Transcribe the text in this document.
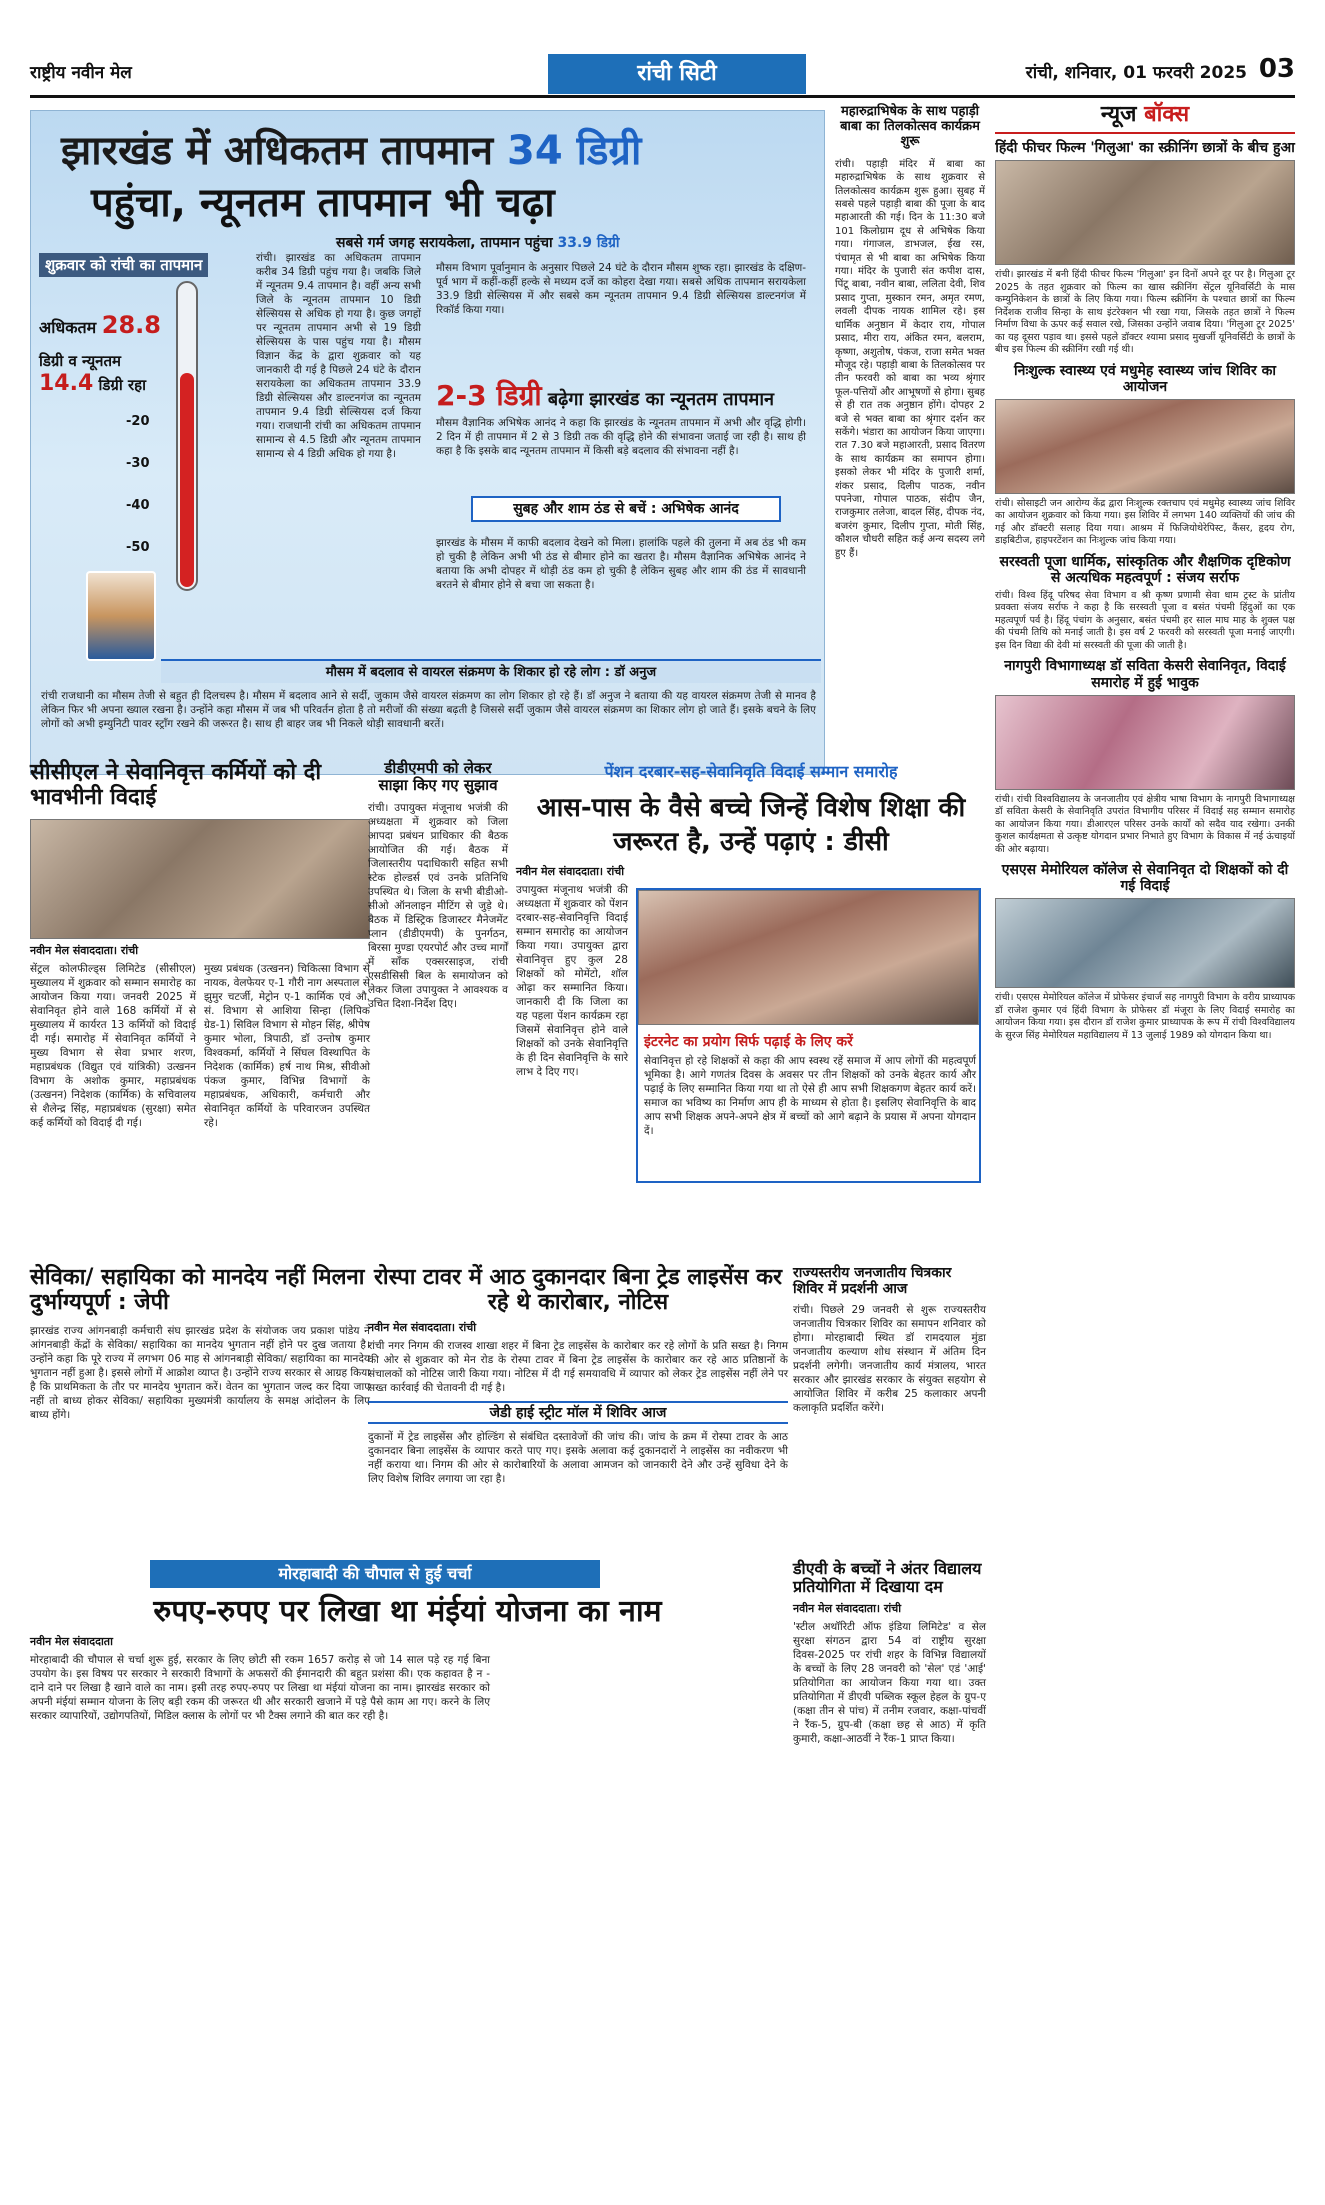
राष्ट्रीय नवीन मेल	रांची सिटी	रांची, शनिवार, 01 फरवरी 2025 03
झारखंड में अधिकतम तापमान 34 डिग्री
पहुंचा, न्यूनतम तापमान भी चढ़ा
सबसे गर्म जगह सरायकेला, तापमान पहुंचा 33.9 डिग्री
शुक्रवार को रांची का तापमान
अधिकतम 28.8
डिग्री व न्यूनतम
14.4 डिग्री रहा
-20
-30
-40
-50
रांची। झारखंड का अधिकतम तापमान करीब 34 डिग्री पहुंच गया है। जबकि जिले में न्यूनतम 9.4 तापमान है। वहीं अन्य सभी जिले के न्यूनतम तापमान 10 डिग्री सेल्सियस से अधिक हो गया है। कुछ जगहों पर न्यूनतम तापमान अभी से 19 डिग्री सेल्सियस के पास पहुंच गया है। मौसम विज्ञान केंद्र के द्वारा शुक्रवार को यह जानकारी दी गई है पिछले 24 घंटे के दौरान सरायकेला का अधिकतम तापमान 33.9 डिग्री सेल्सियस और डाल्टनगंज का न्यूनतम तापमान 9.4 डिग्री सेल्सियस दर्ज किया गया। राजधानी रांची का अधिकतम तापमान सामान्य से 4.5 डिग्री और न्यूनतम तापमान सामान्य से 4 डिग्री अधिक हो गया है।
मौसम विभाग पूर्वानुमान के अनुसार पिछले 24 घंटे के दौरान मौसम शुष्क रहा। झारखंड के दक्षिण-पूर्व भाग में कहीं-कहीं हल्के से मध्यम दर्जे का कोहरा देखा गया। सबसे अधिक तापमान सरायकेला 33.9 डिग्री सेल्सियस में और सबसे कम न्यूनतम तापमान 9.4 डिग्री सेल्सियस डाल्टनगंज में रिकॉर्ड किया गया।
2-3 डिग्री बढ़ेगा झारखंड का न्यूनतम तापमान
मौसम वैज्ञानिक अभिषेक आनंद ने कहा कि झारखंड के न्यूनतम तापमान में अभी और वृद्धि होगी। 2 दिन में ही तापमान में 2 से 3 डिग्री तक की वृद्धि होने की संभावना जताई जा रही है। साथ ही कहा है कि इसके बाद न्यूनतम तापमान में किसी बड़े बदलाव की संभावना नहीं है।
सुबह और शाम ठंड से बचें : अभिषेक आनंद
झारखंड के मौसम में काफी बदलाव देखने को मिला। हालांकि पहले की तुलना में अब ठंड भी कम हो चुकी है लेकिन अभी भी ठंड से बीमार होने का खतरा है। मौसम वैज्ञानिक अभिषेक आनंद ने बताया कि अभी दोपहर में थोड़ी ठंड कम हो चुकी है लेकिन सुबह और शाम की ठंड में सावधानी बरतने से बीमार होने से बचा जा सकता है।
मौसम में बदलाव से वायरल संक्रमण के शिकार हो रहे लोग : डॉ अनुज
रांची राजधानी का मौसम तेजी से बहुत ही दिलचस्प है। मौसम में बदलाव आने से सर्दी, जुकाम जैसे वायरल संक्रमण का लोग शिकार हो रहे हैं। डॉ अनुज ने बताया की यह वायरल संक्रमण तेजी से मानव है लेकिन फिर भी अपना ख्याल रखना है। उन्होंने कहा मौसम में जब भी परिवर्तन होता है तो मरीजों की संख्या बढ़ती है जिससे सर्दी जुकाम जैसे वायरल संक्रमण का शिकार लोग हो जाते हैं। इसके बचने के लिए लोगों को अभी इम्युनिटी पावर स्ट्रॉंग रखने की जरूरत है। साथ ही बाहर जब भी निकले थोड़ी सावधानी बरतें।
महारुद्राभिषेक के साथ पहाड़ी बाबा का तिलकोत्सव कार्यक्रम शुरू
रांची। पहाड़ी मंदिर में बाबा का महारुद्राभिषेक के साथ शुक्रवार से तिलकोत्सव कार्यक्रम शुरू हुआ। सुबह में सबसे पहले पहाड़ी बाबा की पूजा के बाद महाआरती की गई। दिन के 11:30 बजे 101 किलोग्राम दूध से अभिषेक किया गया। गंगाजल, डाभजल, ईख रस, पंचामृत से भी बाबा का अभिषेक किया गया। मंदिर के पुजारी संत कपीश दास, पिंटू बाबा, नवीन बाबा, ललिता देवी, शिव प्रसाद गुप्ता, मुस्कान रमन, अमृत रमण, लवली दीपक नायक शामिल रहे। इस धार्मिक अनुष्ठान में केदार राय, गोपाल प्रसाद, मीरा राय, अंकित रमन, बलराम, कृष्णा, अशुतोष, पंकज, राजा समेत भक्त मौजूद रहे। पहाड़ी बाबा के तिलकोत्सव पर तीन फरवरी को बाबा का भव्य श्रृंगार फूल-पत्तियों और आभूषणों से होगा। सुबह से ही रात तक अनुष्ठान होंगे। दोपहर 2 बजे से भक्त बाबा का श्रृंगार दर्शन कर सकेंगे। भंडारा का आयोजन किया जाएगा। रात 7.30 बजे महाआरती, प्रसाद वितरण के साथ कार्यक्रम का समापन होगा। इसको लेकर भी मंदिर के पुजारी शर्मा, शंकर प्रसाद, दिलीप पाठक, नवीन पपनेजा, गोपाल पाठक, संदीप जैन, राजकुमार तलेजा, बादल सिंह, दीपक नंद, बजरंग कुमार, दिलीप गुप्ता, मोती सिंह, कौशल चौधरी सहित कई अन्य सदस्य लगे हुए हैं।
न्यूज बॉक्स
हिंदी फीचर फिल्म 'गिलुआ' का स्क्रीनिंग छात्रों के बीच हुआ
रांची। झारखंड में बनी हिंदी फीचर फिल्म 'गिलुआ' इन दिनों अपने दूर पर है। गिलुआ टूर 2025 के तहत शुक्रवार को फिल्म का खास स्क्रीनिंग सेंट्रल यूनिवर्सिटी के मास कम्युनिकेशन के छात्रों के लिए किया गया। फिल्म स्क्रीनिंग के पश्चात छात्रों का फिल्म निर्देशक राजीव सिन्हा के साथ इंटरेक्शन भी रखा गया, जिसके तहत छात्रों ने फिल्म निर्माण विधा के ऊपर कई सवाल रखे, जिसका उन्होंने जवाब दिया। 'गिलुआ टूर 2025' का यह दूसरा पड़ाव था। इससे पहले डॉक्टर श्यामा प्रसाद मुखर्जी यूनिवर्सिटी के छात्रों के बीच इस फिल्म की स्क्रीनिंग रखी गई थी।
निःशुल्क स्वास्थ्य एवं मधुमेह स्वास्थ्य जांच शिविर का आयोजन
रांची। सोसाइटी जन आरोग्य केंद्र द्वारा निःशुल्क रक्तचाप एवं मधुमेह स्वास्थ्य जांच शिविर का आयोजन शुक्रवार को किया गया। इस शिविर में लगभग 140 व्यक्तियों की जांच की गई और डॉक्टरी सलाह दिया गया। आश्रम में फिजियोथेरेपिस्ट, कैंसर, हृदय रोग, डाइबिटीज, हाइपरटेंशन का निःशुल्क जांच किया गया।
सरस्वती पूजा धार्मिक, सांस्कृतिक और शैक्षणिक दृष्टिकोण से अत्यधिक महत्वपूर्ण : संजय सर्राफ
रांची। विश्व हिंदू परिषद सेवा विभाग व श्री कृष्ण प्रणामी सेवा धाम ट्रस्ट के प्रांतीय प्रवक्ता संजय सर्राफ ने कहा है कि सरस्वती पूजा व बसंत पंचमी हिंदुओं का एक महत्वपूर्ण पर्व है। हिंदू पंचांग के अनुसार, बसंत पंचमी हर साल माघ माह के शुक्ल पक्ष की पंचमी तिथि को मनाई जाती है। इस वर्ष 2 फरवरी को सरस्वती पूजा मनाई जाएगी। इस दिन विद्या की देवी मां सरस्वती की पूजा की जाती है।
नागपुरी विभागाध्यक्ष डॉ सविता केसरी सेवानिवृत, विदाई समारोह में हुई भावुक
रांची। रांची विश्वविद्यालय के जनजातीय एवं क्षेत्रीय भाषा विभाग के नागपुरी विभागाध्यक्ष डॉ सविता केसरी के सेवानिवृति उपरांत विभागीय परिसर में विदाई सह सम्मान समारोह का आयोजन किया गया। डीआरएल परिसर उनके कार्यों को सदैव याद रखेगा। उनकी कुशल कार्यक्षमता से उत्कृष्ट योगदान प्रभार निभाते हुए विभाग के विकास में नई ऊंचाइयों की ओर बढ़ाया।
एसएस मेमोरियल कॉलेज से सेवानिवृत दो शिक्षकों को दी गई विदाई
रांची। एसएस मेमोरियल कॉलेज में प्रोफेसर इंचार्ज सह नागपुरी विभाग के वरीय प्राध्यापक डॉ राजेश कुमार एवं हिंदी विभाग के प्रोफेसर डॉ मंजूरा के लिए विदाई समारोह का आयोजन किया गया। इस दौरान डॉ राजेश कुमार प्राध्यापक के रूप में रांची विश्वविद्यालय के सुरज सिंह मेमोरियल महाविद्यालय में 13 जुलाई 1989 को योगदान किया था।
सीसीएल ने सेवानिवृत्त कर्मियों को दी भावभीनी विदाई
नवीन मेल संवाददाता। रांची
सेंट्रल कोलफील्ड्स लिमिटेड (सीसीएल) मुख्यालय में शुक्रवार को सम्मान समारोह का आयोजन किया गया। जनवरी 2025 में सेवानिवृत होने वाले 168 कर्मियों में से मुख्यालय में कार्यरत 13 कर्मियों को विदाई दी गई। समारोह में सेवानिवृत कर्मियों ने मुख्य विभाग से सेवा प्रभार शरण, महाप्रबंधक (विद्युत एवं यांत्रिकी) उत्खनन विभाग के अशोक कुमार, महाप्रबंधक (उत्खनन) निदेशक (कार्मिक) के सचिवालय से शैलेन्द्र सिंह, महाप्रबंधक (सुरक्षा) समेत कई कर्मियों को विदाई दी गई।
मुख्य प्रबंधक (उत्खनन) चिकित्सा विभाग से नायक, वेलफेयर ए-1 गौरी नाग अस्पताल से झुमुर चटर्जी, मेट्रोन ए-1 कार्मिक एवं औ. सं. विभाग से आशिया सिन्हा (लिपिक ग्रेड-1) सिविल विभाग से मोहन सिंह, श्रीपेष कुमार भोला, त्रिपाठी, डॉ उन्तोष कुमार विश्वकर्मा, कर्मियों ने सिंघल विस्थापित के निदेशक (कार्मिक) हर्ष नाथ मिश्र, सीवीओ पंकज कुमार, विभिन्न विभागों के महाप्रबंधक, अधिकारी, कर्मचारी और सेवानिवृत कर्मियों के परिवारजन उपस्थित रहे।
डीडीएमपी को लेकर साझा किए गए सुझाव
रांची। उपायुक्त मंजूनाथ भजंत्री की अध्यक्षता में शुक्रवार को जिला आपदा प्रबंधन प्राधिकार की बैठक आयोजित की गई। बैठक में जिलास्तरीय पदाधिकारी सहित सभी स्टेक होल्डर्स एवं उनके प्रतिनिधि उपस्थित थे। जिला के सभी बीडीओ-सीओ ऑनलाइन मीटिंग से जुड़े थे। बैठक में डिस्ट्रिक डिजास्टर मैनेजमेंट प्लान (डीडीएमपी) के पुनर्गठन, बिरसा मुण्डा एयरपोर्ट और उच्च मार्गों में साँक एक्सरसाइज, रांची एसडीसिसी बिल के समायोजन को लेकर जिला उपायुक्त ने आवश्यक व उचित दिशा-निर्देश दिए।
पेंशन दरबार-सह-सेवानिवृति विदाई सम्मान समारोह
आस-पास के वैसे बच्चे जिन्हें विशेष शिक्षा की जरूरत है, उन्हें पढ़ाएं : डीसी
नवीन मेल संवाददाता। रांची
उपायुक्त मंजूनाथ भजंत्री की अध्यक्षता में शुक्रवार को पेंशन दरबार-सह-सेवानिवृत्ति विदाई सम्मान समारोह का आयोजन किया गया। उपायुक्त द्वारा सेवानिवृत्त हुए कुल 28 शिक्षकों को मोमेंटो, शॉल ओढ़ा कर सम्मानित किया। जानकारी दी कि जिला का यह पहला पेंशन कार्यक्रम रहा जिसमें सेवानिवृत्त होने वाले शिक्षकों को उनके सेवानिवृत्ति के ही दिन सेवानिवृत्ति के सारे लाभ दे दिए गए।
इंटरनेट का प्रयोग सिर्फ पढ़ाई के लिए करें
सेवानिवृत्त हो रहे शिक्षकों से कहा की आप स्वस्थ रहें समाज में आप लोगों की महत्वपूर्ण भूमिका है। आगे गणतंत्र दिवस के अवसर पर तीन शिक्षकों को उनके बेहतर कार्य और पढ़ाई के लिए सम्मानित किया गया था तो ऐसे ही आप सभी शिक्षकगण बेहतर कार्य करें। समाज का भविष्य का निर्माण आप ही के माध्यम से होता है। इसलिए सेवानिवृत्ति के बाद आप सभी शिक्षक अपने-अपने क्षेत्र में बच्चों को आगे बढ़ाने के प्रयास में अपना योगदान दें।
सेविका/ सहायिका को मानदेय नहीं मिलना दुर्भाग्यपूर्ण : जेपी
झारखंड राज्य आंगनबाड़ी कर्मचारी संघ झारखंड प्रदेश के संयोजक जय प्रकाश पांडेय ने आंगनबाड़ी केंद्रों के सेविका/ सहायिका का मानदेय भुगतान नहीं होने पर दुख जताया है। उन्होंने कहा कि पूरे राज्य में लगभग 06 माह से आंगनबाड़ी सेविका/ सहायिका का मानदेय भुगतान नहीं हुआ है। इससे लोगों में आक्रोश व्याप्त है। उन्होंने राज्य सरकार से आग्रह किया है कि प्राथमिकता के तौर पर मानदेय भुगतान करें। वेतन का भुगतान जल्द कर दिया जाए नहीं तो बाध्य होकर सेविका/ सहायिका मुख्यमंत्री कार्यालय के समक्ष आंदोलन के लिए बाध्य होंगे।
रोस्पा टावर में आठ दुकानदार बिना ट्रेड लाइसेंस कर रहे थे कारोबार, नोटिस
नवीन मेल संवाददाता। रांची
रांची नगर निगम की राजस्व शाखा शहर में बिना ट्रेड लाइसेंस के कारोबार कर रहे लोगों के प्रति सख्त है। निगम की ओर से शुक्रवार को मेन रोड के रोस्पा टावर में बिना ट्रेड लाइसेंस के कारोबार कर रहे आठ प्रतिष्ठानों के संचालकों को नोटिस जारी किया गया। नोटिस में दी गई समयावधि में व्यापार को लेकर ट्रेड लाइसेंस नहीं लेने पर सख्त कार्रवाई की चेतावनी दी गई है।
जेडी हाई स्ट्रीट मॉल में शिविर आज
दुकानों में ट्रेड लाइसेंस और होल्डिंग से संबंधित दस्तावेजों की जांच की। जांच के क्रम में रोस्पा टावर के आठ दुकानदार बिना लाइसेंस के व्यापार करते पाए गए। इसके अलावा कई दुकानदारों ने लाइसेंस का नवीकरण भी नहीं कराया था। निगम की ओर से कारोबारियों के अलावा आमजन को जानकारी देने और उन्हें सुविधा देने के लिए विशेष शिविर लगाया जा रहा है।
राज्यस्तरीय जनजातीय चित्रकार शिविर में प्रदर्शनी आज
रांची। पिछले 29 जनवरी से शुरू राज्यस्तरीय जनजातीय चित्रकार शिविर का समापन शनिवार को होगा। मोरहाबादी स्थित डॉ रामदयाल मुंडा जनजातीय कल्याण शोध संस्थान में अंतिम दिन प्रदर्शनी लगेगी। जनजातीय कार्य मंत्रालय, भारत सरकार और झारखंड सरकार के संयुक्त सहयोग से आयोजित शिविर में करीब 25 कलाकार अपनी कलाकृति प्रदर्शित करेंगे।
मोरहाबादी की चौपाल से हुई चर्चा
रुपए-रुपए पर लिखा था मंईयां योजना का नाम
नवीन मेल संवाददाता
मोरहाबादी की चौपाल से चर्चा शुरू हुई, सरकार के लिए छोटी सी रकम 1657 करोड़ से जो 14 साल पड़े रह गई बिना उपयोग के। इस विषय पर सरकार ने सरकारी विभागों के अफसरों की ईमानदारी की बहुत प्रशंसा की। एक कहावत है न - दाने दाने पर लिखा है खाने वाले का नाम। इसी तरह रुपए-रुपए पर लिखा था मंईयां योजना का नाम। झारखंड सरकार को अपनी मंईयां सम्मान योजना के लिए बड़ी रकम की जरूरत थी और सरकारी खजाने में पड़े पैसे काम आ गए। करने के लिए सरकार व्यापारियों, उद्योगपतियों, मिडिल क्लास के लोगों पर भी टैक्स लगाने की बात कर रही है।
डीएवी के बच्चों ने अंतर विद्यालय प्रतियोगिता में दिखाया दम
नवीन मेल संवाददाता। रांची
'स्टील अथॉरिटी ऑफ इंडिया लिमिटेड' व सेल सुरक्षा संगठन द्वारा 54 वां राष्ट्रीय सुरक्षा दिवस-2025 पर रांची शहर के विभिन्न विद्यालयों के बच्चों के लिए 28 जनवरी को 'सेल' एडं 'आई' प्रतियोगिता का आयोजन किया गया था। उक्त प्रतियोगिता में डीएवी पब्लिक स्कूल हेहल के ग्रुप-ए (कक्षा तीन से पांच) में तनीम रजवार, कक्षा-पांचवीं ने रैंक-5, ग्रुप-बी (कक्षा छह से आठ) में कृति कुमारी, कक्षा-आठवीं ने रैंक-1 प्राप्त किया।
